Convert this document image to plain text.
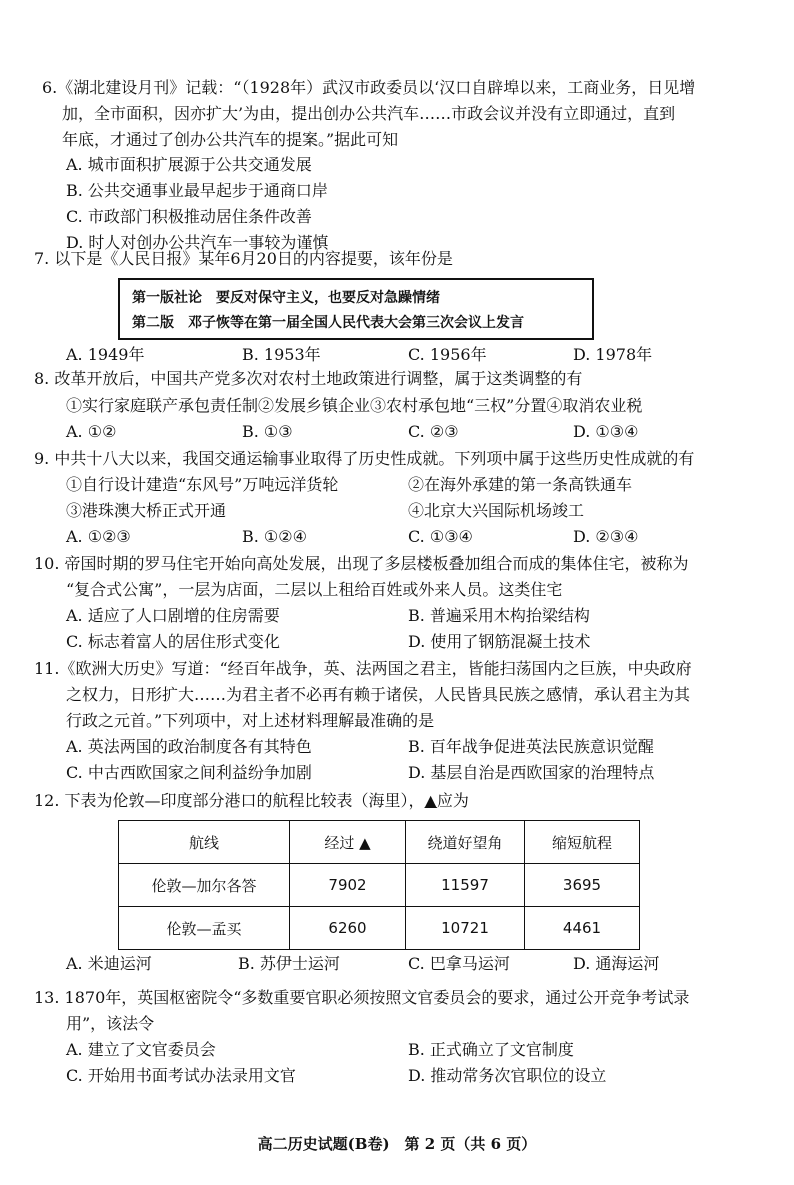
6.《湖北建设月刊》记载：“（1928年）武汉市政委员以‘汉口自辟埠以来，工商业务，日见增
加，全市面积，因亦扩大’为由，提出创办公共汽车……市政会议并没有立即通过，直到
年底，才通过了创办公共汽车的提案。”据此可知
A. 城市面积扩展源于公共交通发展
B. 公共交通事业最早起步于通商口岸
C. 市政部门积极推动居住条件改善
D. 时人对创办公共汽车一事较为谨慎
7. 以下是《人民日报》某年6月20日的内容提要，该年份是
第一版社论　要反对保守主义，也要反对急躁情绪
第二版　邓子恢等在第一届全国人民代表大会第三次会议上发言
A. 1949年	B. 1953年	C. 1956年	D. 1978年
8. 改革开放后，中国共产党多次对农村土地政策进行调整，属于这类调整的有
①实行家庭联产承包责任制②发展乡镇企业③农村承包地“三权”分置④取消农业税
A. ①②	B. ①③	C. ②③	D. ①③④
9. 中共十八大以来，我国交通运输事业取得了历史性成就。下列项中属于这些历史性成就的有
①自行设计建造“东风号”万吨远洋货轮	②在海外承建的第一条高铁通车
③港珠澳大桥正式开通	④北京大兴国际机场竣工
A. ①②③	B. ①②④	C. ①③④	D. ②③④
10. 帝国时期的罗马住宅开始向高处发展，出现了多层楼板叠加组合而成的集体住宅，被称为
“复合式公寓”，一层为店面，二层以上租给百姓或外来人员。这类住宅
A. 适应了人口剧增的住房需要	B. 普遍采用木构抬梁结构
C. 标志着富人的居住形式变化	D. 使用了钢筋混凝土技术
11.《欧洲大历史》写道：“经百年战争，英、法两国之君主，皆能扫荡国内之巨族，中央政府
之权力，日形扩大……为君主者不必再有赖于诸侯，人民皆具民族之感情，承认君主为其
行政之元首。”下列项中，对上述材料理解最准确的是
A. 英法两国的政治制度各有其特色	B. 百年战争促进英法民族意识觉醒
C. 中古西欧国家之间利益纷争加剧	D. 基层自治是西欧国家的治理特点
12. 下表为伦敦—印度部分港口的航程比较表（海里），▲应为
航线	经过 ▲	绕道好望角	缩短航程
伦敦—加尔各答	7902	11597	3695
伦敦—孟买	6260	10721	4461
A. 米迪运河	B. 苏伊士运河	C. 巴拿马运河	D. 通海运河
13. 1870年，英国枢密院令“多数重要官职必须按照文官委员会的要求，通过公开竞争考试录
用”，该法令
A. 建立了文官委员会	B. 正式确立了文官制度
C. 开始用书面考试办法录用文官	D. 推动常务次官职位的设立
高二历史试题(B卷)　第 2 页（共 6 页）
